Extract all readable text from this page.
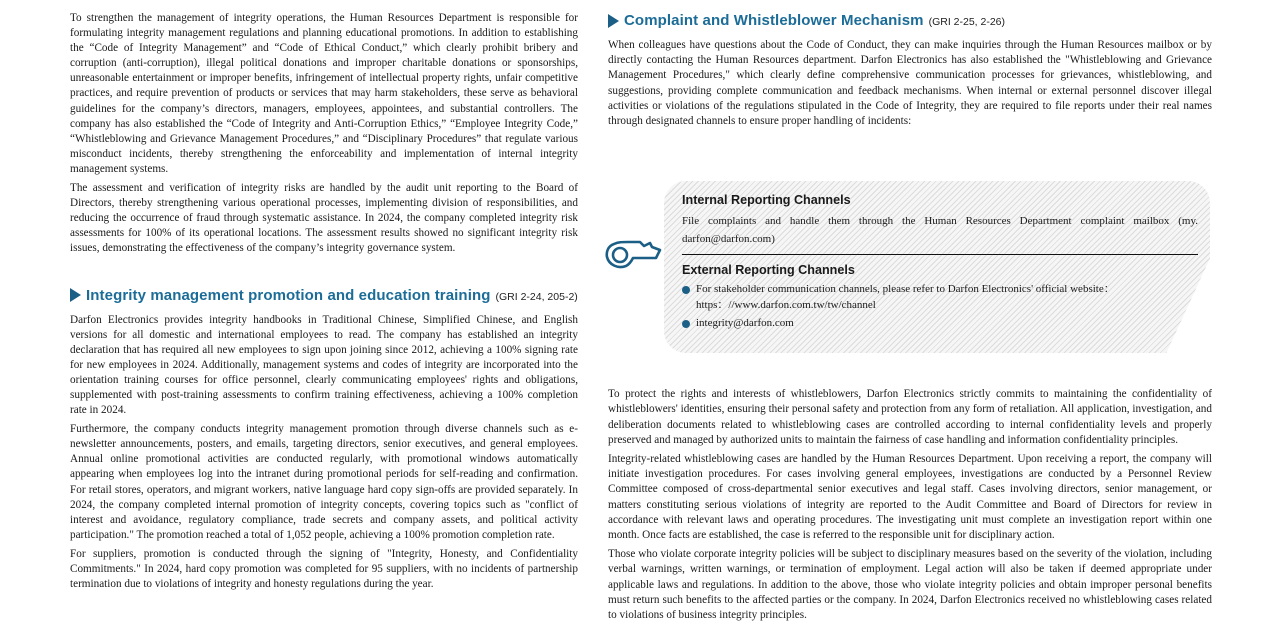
To strengthen the management of integrity operations, the Human Resources Department is responsible for formulating integrity management regulations and planning educational promotions. In addition to establishing the “Code of Integrity Management” and “Code of Ethical Conduct,” which clearly prohibit bribery and corruption (anti-corruption), illegal political donations and improper charitable donations or sponsorships, unreasonable entertainment or improper benefits, infringement of intellectual property rights, unfair competitive practices, and require prevention of products or services that may harm stakeholders, these serve as behavioral guidelines for the company’s directors, managers, employees, appointees, and substantial controllers. The company has also established the “Code of Integrity and Anti-Corruption Ethics,” “Employee Integrity Code,” “Whistleblowing and Grievance Management Procedures,” and “Disciplinary Procedures” that regulate various misconduct incidents, thereby strengthening the enforceability and implementation of internal integrity management systems.

The assessment and verification of integrity risks are handled by the audit unit reporting to the Board of Directors, thereby strengthening various operational processes, implementing division of responsibilities, and reducing the occurrence of fraud through systematic assistance. In 2024, the company completed integrity risk assessments for 100% of its operational locations. The assessment results showed no significant integrity risk issues, demonstrating the effectiveness of the company’s integrity governance system.

Integrity management promotion and education training (GRI 2-24, 205-2)

Darfon Electronics provides integrity handbooks in Traditional Chinese, Simplified Chinese, and English versions for all domestic and international employees to read. The company has established an integrity declaration that has required all new employees to sign upon joining since 2012, achieving a 100% signing rate for new employees in 2024. Additionally, management systems and codes of integrity are incorporated into the orientation training courses for office personnel, clearly communicating employees' rights and obligations, supplemented with post-training assessments to confirm training effectiveness, achieving a 100% completion rate in 2024.

Furthermore, the company conducts integrity management promotion through diverse channels such as e-newsletter announcements, posters, and emails, targeting directors, senior executives, and general employees. Annual online promotional activities are conducted regularly, with promotional windows automatically appearing when employees log into the intranet during promotional periods for self-reading and confirmation. For retail stores, operators, and migrant workers, native language hard copy sign-offs are provided separately. In 2024, the company completed internal promotion of integrity concepts, covering topics such as "conflict of interest and avoidance, regulatory compliance, trade secrets and company assets, and political activity participation." The promotion reached a total of 1,052 people, achieving a 100% promotion completion rate.

For suppliers, promotion is conducted through the signing of "Integrity, Honesty, and Confidentiality Commitments." In 2024, hard copy promotion was completed for 95 suppliers, with no incidents of partnership termination due to violations of integrity and honesty regulations during the year.

Complaint and Whistleblower Mechanism (GRI 2-25, 2-26)

When colleagues have questions about the Code of Conduct, they can make inquiries through the Human Resources mailbox or by directly contacting the Human Resources department. Darfon Electronics has also established the "Whistleblowing and Grievance Management Procedures," which clearly define comprehensive communication processes for grievances, whistleblowing, and suggestions, providing complete communication and feedback mechanisms. When internal or external personnel discover illegal activities or violations of the regulations stipulated in the Code of Integrity, they are required to file reports under their real names through designated channels to ensure proper handling of incidents:

To protect the rights and interests of whistleblowers, Darfon Electronics strictly commits to maintaining the confidentiality of whistleblowers' identities, ensuring their personal safety and protection from any form of retaliation. All application, investigation, and deliberation documents related to whistleblowing cases are controlled according to internal confidentiality levels and properly preserved and managed by authorized units to maintain the fairness of case handling and information confidentiality principles.

Integrity-related whistleblowing cases are handled by the Human Resources Department. Upon receiving a report, the company will initiate investigation procedures. For cases involving general employees, investigations are conducted by a Personnel Review Committee composed of cross-departmental senior executives and legal staff. Cases involving directors, senior management, or matters constituting serious violations of integrity are reported to the Audit Committee and Board of Directors for review in accordance with relevant laws and operating procedures. The investigating unit must complete an investigation report within one month. Once facts are established, the case is referred to the responsible unit for disciplinary action.

Those who violate corporate integrity policies will be subject to disciplinary measures based on the severity of the violation, including verbal warnings, written warnings, or termination of employment. Legal action will also be taken if deemed appropriate under applicable laws and regulations. In addition to the above, those who violate integrity policies and obtain improper personal benefits must return such benefits to the affected parties or the company. In 2024, Darfon Electronics received no whistleblowing cases related to violations of business integrity principles.

Internal Reporting Channels

File complaints and handle them through the Human Resources Department complaint mailbox (my. darfon@darfon.com)

External Reporting Channels
For stakeholder communication channels, please refer to Darfon Electronics' official website：https：//www.darfon.com.tw/tw/channel
integrity@darfon.com
